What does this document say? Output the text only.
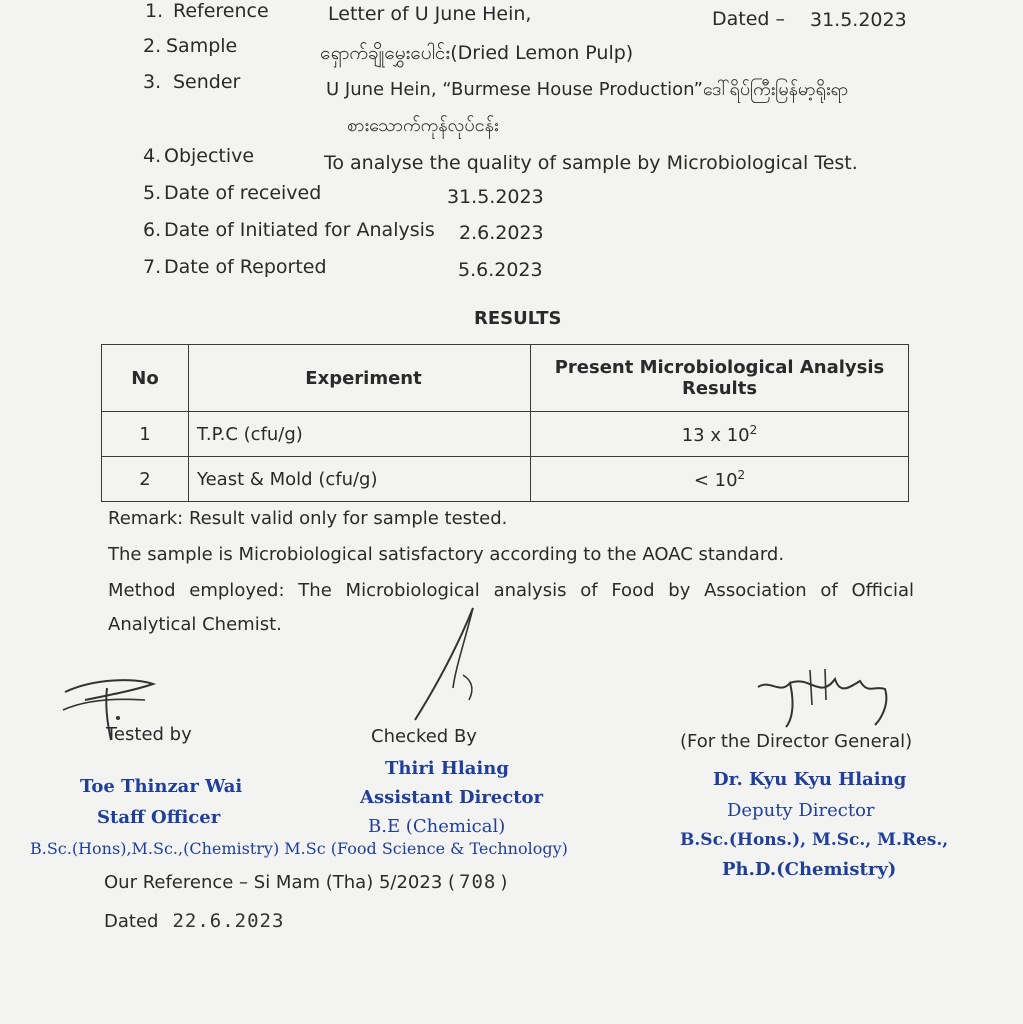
1. Reference	Letter of U June Hein,	Dated – 31.5.2023
2. Sample	ရှောက်ချိုမွှေးပေါင်း(Dried Lemon Pulp)
3. Sender	U June Hein, “Burmese House Production”ဒေါ်ရိပ်ကြီးမြန်မာ့ရိုးရာ
စားသောက်ကုန်လုပ်ငန်း
4. Objective	To analyse the quality of sample by Microbiological Test.
5. Date of received	31.5.2023
6. Date of Initiated for Analysis 2.6.2023
7. Date of Reported	5.6.2023
RESULTS
No	Experiment	Present Microbiological Analysis Results
1	T.P.C (cfu/g)	13 x $10^2$
2	Yeast & Mold (cfu/g)	< $10^2$
Remark: Result valid only for sample tested.
The sample is Microbiological satisfactory according to the AOAC standard.
Method employed: The Microbiological analysis of Food by Association of Official
Analytical Chemist.
Tested by	Checked By	(For the Director General)
Toe Thinzar Wai
Staff Officer
B.Sc.(Hons),M.Sc.,(Chemistry) M.Sc (Food Science & Technology)
Thiri Hlaing
Assistant Director
B.E (Chemical)
Dr. Kyu Kyu Hlaing
Deputy Director
B.Sc.(Hons.), M.Sc., M.Res.,
Ph.D.(Chemistry)
Our Reference – Si Mam (Tha) 5/2023 ( 708 )
Dated 22.6.2023
